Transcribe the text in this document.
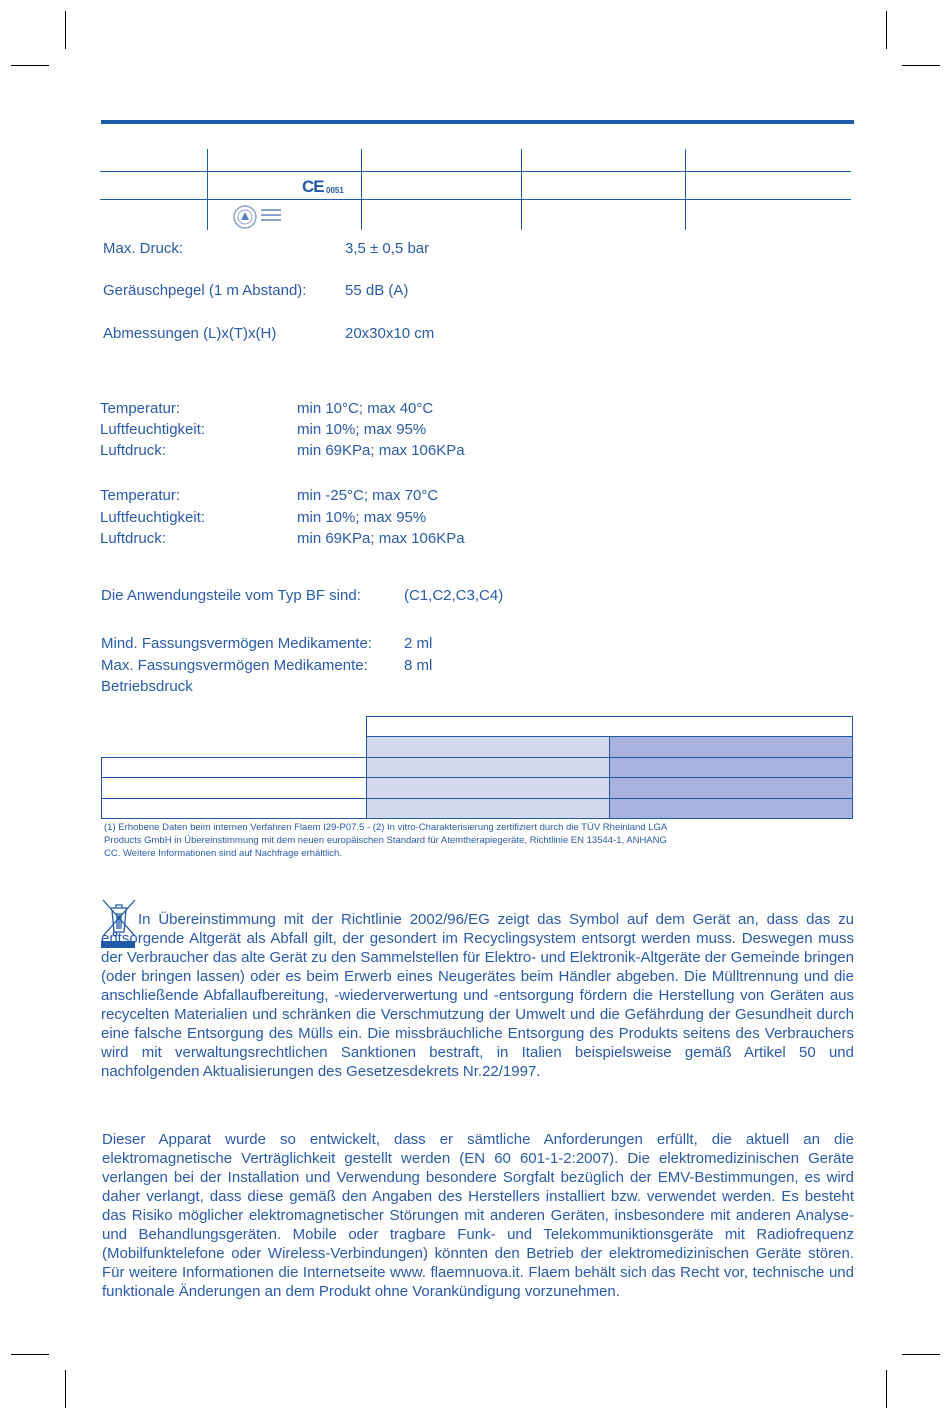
CE 0051
Max. Druck:	3,5 ± 0,5 bar
Geräuschpegel (1 m Abstand):	55 dB (A)
Abmessungen (L)x(T)x(H)	20x30x10 cm
Temperatur:	min 10°C; max 40°C
Luftfeuchtigkeit:	min 10%; max 95%
Luftdruck:	min 69KPa; max 106KPa
Temperatur:	min -25°C; max 70°C
Luftfeuchtigkeit:	min 10%; max 95%
Luftdruck:	min 69KPa; max 106KPa
Die Anwendungsteile vom Typ BF sind:	(C1,C2,C3,C4)
Mind. Fassungsvermögen Medikamente: 2 ml
Max. Fassungsvermögen Medikamente: 8 ml
Betriebsdruck
(1) Erhobene Daten beim internen Verfahren Flaem I29-P07.5 - (2) In vitro-Charakterisierung zertifiziert durch die TÜV Rheinland LGA
Products GmbH in Übereinstimmung mit dem neuen europäischen Standard für Atemtherapiegeräte, Richtlinie EN 13544-1, ANHANG
CC. Weitere Informationen sind auf Nachfrage erhältlich.

In Übereinstimmung mit der Richtlinie 2002/96/EG zeigt das Symbol auf dem Gerät an, dass das zu entsorgende Altgerät als Abfall gilt, der gesondert im Recyclingsystem entsorgt werden muss. Deswegen muss der Verbraucher das alte Gerät zu den Sammelstellen für Elektro- und Elektronik-Altgeräte der Gemeinde bringen (oder bringen lassen) oder es beim Erwerb eines Neugerätes beim Händler abgeben. Die Mülltrennung und die anschließende Abfallaufbereitung, -wiederverwertung und -entsorgung fördern die Herstellung von Geräten aus recycelten Materialien und schränken die Verschmutzung der Umwelt und die Gefährdung der Gesundheit durch eine falsche Entsorgung des Mülls ein. Die missbräuchliche Entsorgung des Produkts seitens des Verbrauchers wird mit verwaltungsrechtlichen Sanktionen bestraft, in Italien beispielsweise gemäß Artikel 50 und nachfolgenden Aktualisierungen des Gesetzesdekrets Nr.22/1997.

Dieser Apparat wurde so entwickelt, dass er sämtliche Anforderungen erfüllt, die aktuell an die elektromagnetische Verträglichkeit gestellt werden (EN 60 601-1-2:2007). Die elektromedizinischen Geräte verlangen bei der Installation und Verwendung besondere Sorgfalt bezüglich der EMV-Bestimmungen, es wird daher verlangt, dass diese gemäß den Angaben des Herstellers installiert bzw. verwendet werden. Es besteht das Risiko möglicher elektromagnetischer Störungen mit anderen Geräten, insbesondere mit anderen Analyse- und Behandlungsgeräten. Mobile oder tragbare Funk- und Telekommuniktionsgeräte mit Radiofrequenz (Mobilfunktelefone oder Wireless-Verbindungen) könnten den Betrieb der elektromedizinischen Geräte stören. Für weitere Informationen die Internetseite www. flaemnuova.it. Flaem behält sich das Recht vor, technische und funktionale Änderungen an dem Produkt ohne Vorankündigung vorzunehmen.
